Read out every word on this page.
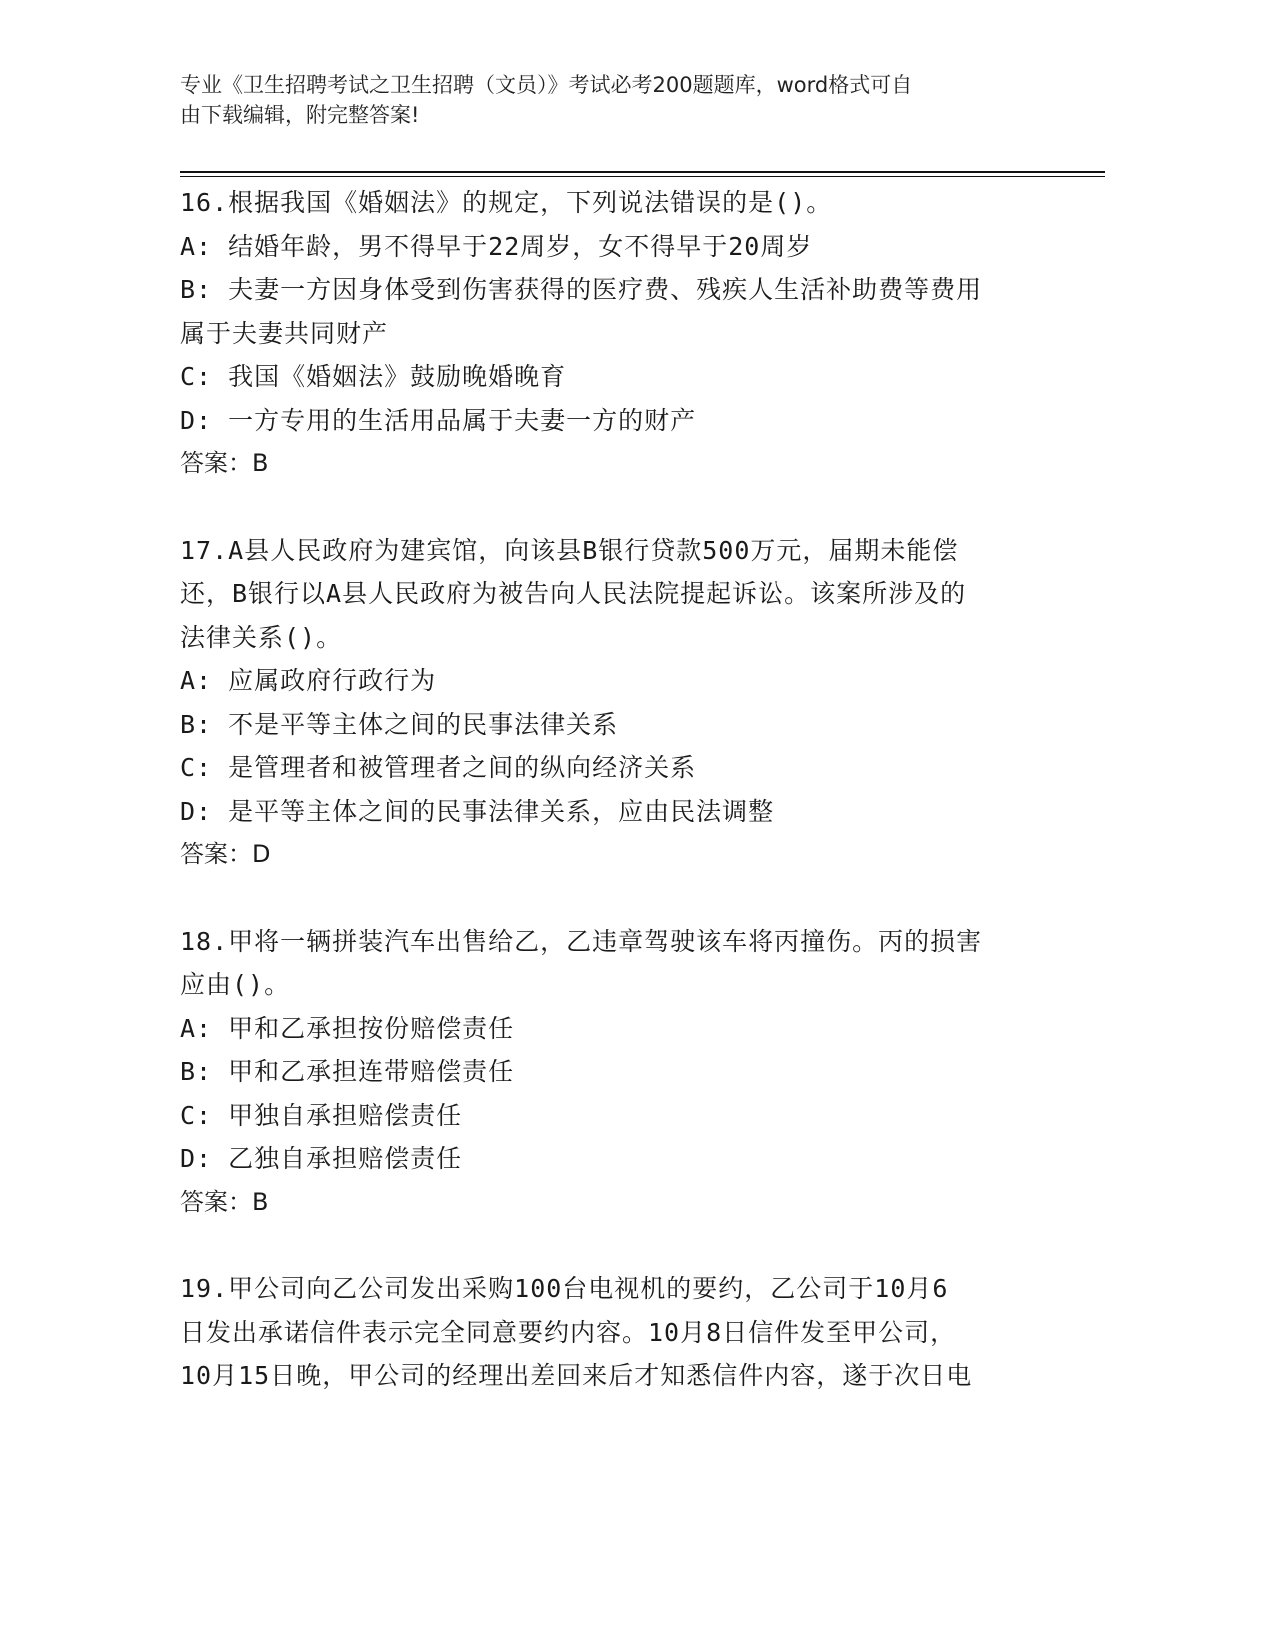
专业《卫生招聘考试之卫生招聘（文员）》考试必考200题题库，word格式可自
由下载编辑，附完整答案!
16.根据我国《婚姻法》的规定，下列说法错误的是()。
A: 结婚年龄，男不得早于22周岁，女不得早于20周岁
B: 夫妻一方因身体受到伤害获得的医疗费、残疾人生活补助费等费用
属于夫妻共同财产
C: 我国《婚姻法》鼓励晚婚晚育
D: 一方专用的生活用品属于夫妻一方的财产
答案：B
17.A县人民政府为建宾馆，向该县B银行贷款500万元，届期未能偿
还，B银行以A县人民政府为被告向人民法院提起诉讼。该案所涉及的
法律关系()。
A: 应属政府行政行为
B: 不是平等主体之间的民事法律关系
C: 是管理者和被管理者之间的纵向经济关系
D: 是平等主体之间的民事法律关系，应由民法调整
答案：D
18.甲将一辆拼装汽车出售给乙，乙违章驾驶该车将丙撞伤。丙的损害
应由()。
A: 甲和乙承担按份赔偿责任
B: 甲和乙承担连带赔偿责任
C: 甲独自承担赔偿责任
D: 乙独自承担赔偿责任
答案：B
19.甲公司向乙公司发出采购100台电视机的要约，乙公司于10月6
日发出承诺信件表示完全同意要约内容。10月8日信件发至甲公司，
10月15日晚，甲公司的经理出差回来后才知悉信件内容，遂于次日电
